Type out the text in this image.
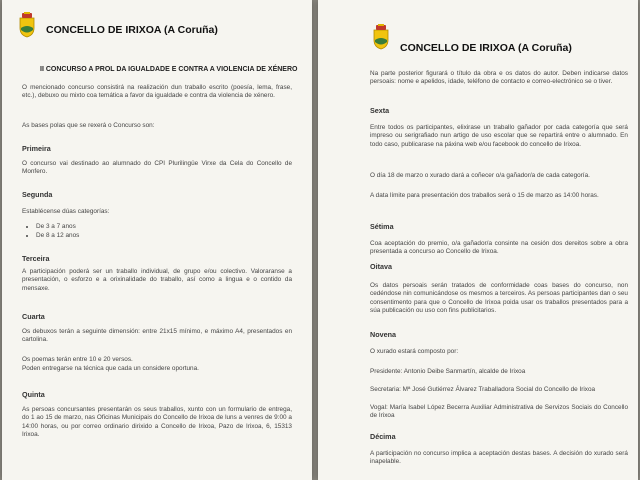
CONCELLO DE IRIXOA (A Coruña)
II CONCURSO A PROL DA IGUALDADE E CONTRA A VIOLENCIA DE XÉNERO
O mencionado concurso consistirá na realización dun traballo escrito (poesía, lema, frase, etc.), debuxo ou mixto coa temática a favor da igualdade e contra da violencia de xénero.
As bases polas que se rexerá o Concurso son:
Primeira
O concurso vai destinado ao alumnado do CPI Plurilingüe Virxe da Cela do Concello de Monfero.
Segunda
Establécense dúas categorías:
• De 3 a 7 anos
• De 8 a 12 anos
Terceira
A participación poderá ser un traballo individual, de grupo e/ou colectivo. Valoraranse a presentación, o esforzo e a orixinalidade do traballo, así como a lingua e o contido da mensaxe.
Cuarta
Os debuxos terán a seguinte dimensión: entre 21x15 mínimo, e máximo A4, presentados en cartolina.
Os poemas terán entre 10 e 20 versos.
Poden entregarse na técnica que cada un considere oportuna.
Quinta
As persoas concursantes presentarán os seus traballos, xunto con un formulario de entrega, do 1 ao 15 de marzo, nas Oficinas Municipais do Concello de Irixoa de luns a venres de 9:00 a 14:00 horas, ou por correo ordinario dirixido a Concello de Irixoa, Pazo de Irixoa, 6, 15313 Irixoa.
CONCELLO DE IRIXOA (A Coruña)
Na parte posterior figurará o título da obra e os datos do autor. Deben indicarse datos persoais: nome e apelidos, idade, teléfono de contacto e correo-electrónico se o tiver.
Sexta
Entre todos os participantes, elixirase un traballo gañador por cada categoría que será impreso ou serigrafiado nun artigo de uso escolar que se repartirá entre o alumnado. En todo caso, publicarase na páxina web e/ou facebook do concello de Irixoa.
O día 18 de marzo o xurado dará a coñecer o/a gañador/a de cada categoría.
A data límite para presentación dos traballos será o 15 de marzo as 14:00 horas.
Sétima
Coa aceptación do premio, o/a gañador/a consinte na cesión dos dereitos sobre a obra presentada a concurso ao Concello de Irixoa.
Oitava
Os datos persoais serán tratados de conformidade coas bases do concurso, non cedéndose nin comunicándose os mesmos a terceiros. As persoas participantes dan o seu consentimento para que o Concello de Irixoa poida usar os traballos presentados para a súa publicación ou uso con fins publicitarios.
Novena
O xurado estará composto por:
Presidente: Antonio Deibe Sanmartín, alcalde de Irixoa
Secretaria: Mª José Gutiérrez Álvarez Traballadora Social do Concello de Irixoa
Vogal: María Isabel López Becerra Auxiliar Administrativa de Servizos Sociais do Concello de Irixoa
Décima
A participación no concurso implica a aceptación destas bases. A decisión do xurado será inapelable.
